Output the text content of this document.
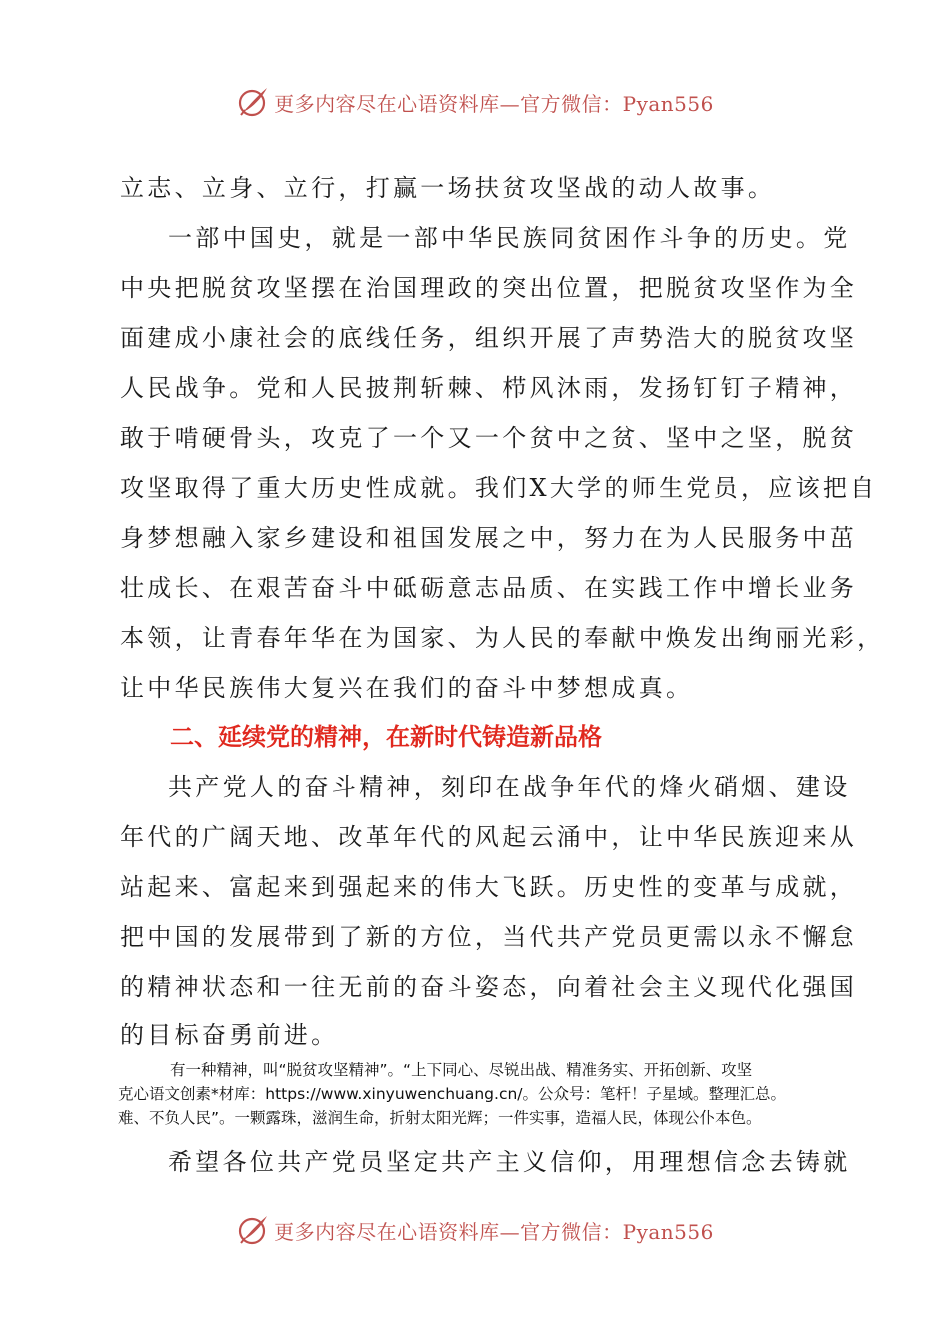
更多内容尽在心语资料库—官方微信：Pyan556
立志、立身、立行，打赢一场扶贫攻坚战的动人故事。
一部中国史，就是一部中华民族同贫困作斗争的历史。党
中央把脱贫攻坚摆在治国理政的突出位置，把脱贫攻坚作为全
面建成小康社会的底线任务，组织开展了声势浩大的脱贫攻坚
人民战争。党和人民披荆斩棘、栉风沐雨，发扬钉钉子精神，
敢于啃硬骨头，攻克了一个又一个贫中之贫、坚中之坚，脱贫
攻坚取得了重大历史性成就。我们X大学的师生党员，应该把自
身梦想融入家乡建设和祖国发展之中，努力在为人民服务中茁
壮成长、在艰苦奋斗中砥砺意志品质、在实践工作中增长业务
本领，让青春年华在为国家、为人民的奉献中焕发出绚丽光彩，
让中华民族伟大复兴在我们的奋斗中梦想成真。
二、延续党的精神，在新时代铸造新品格
共产党人的奋斗精神，刻印在战争年代的烽火硝烟、建设
年代的广阔天地、改革年代的风起云涌中，让中华民族迎来从
站起来、富起来到强起来的伟大飞跃。历史性的变革与成就，
把中国的发展带到了新的方位，当代共产党员更需以永不懈怠
的精神状态和一往无前的奋斗姿态，向着社会主义现代化强国
的目标奋勇前进。
有一种精神，叫“脱贫攻坚精神”。“上下同心、尽锐出战、精准务实、开拓创新、攻坚
克心语文创素*材库：https://www.xinyuwenchuang.cn/。公众号：笔杆！子星域。整理汇总。
难、不负人民”。一颗露珠，滋润生命，折射太阳光辉；一件实事，造福人民，体现公仆本色。
希望各位共产党员坚定共产主义信仰，用理想信念去铸就
更多内容尽在心语资料库—官方微信：Pyan556
